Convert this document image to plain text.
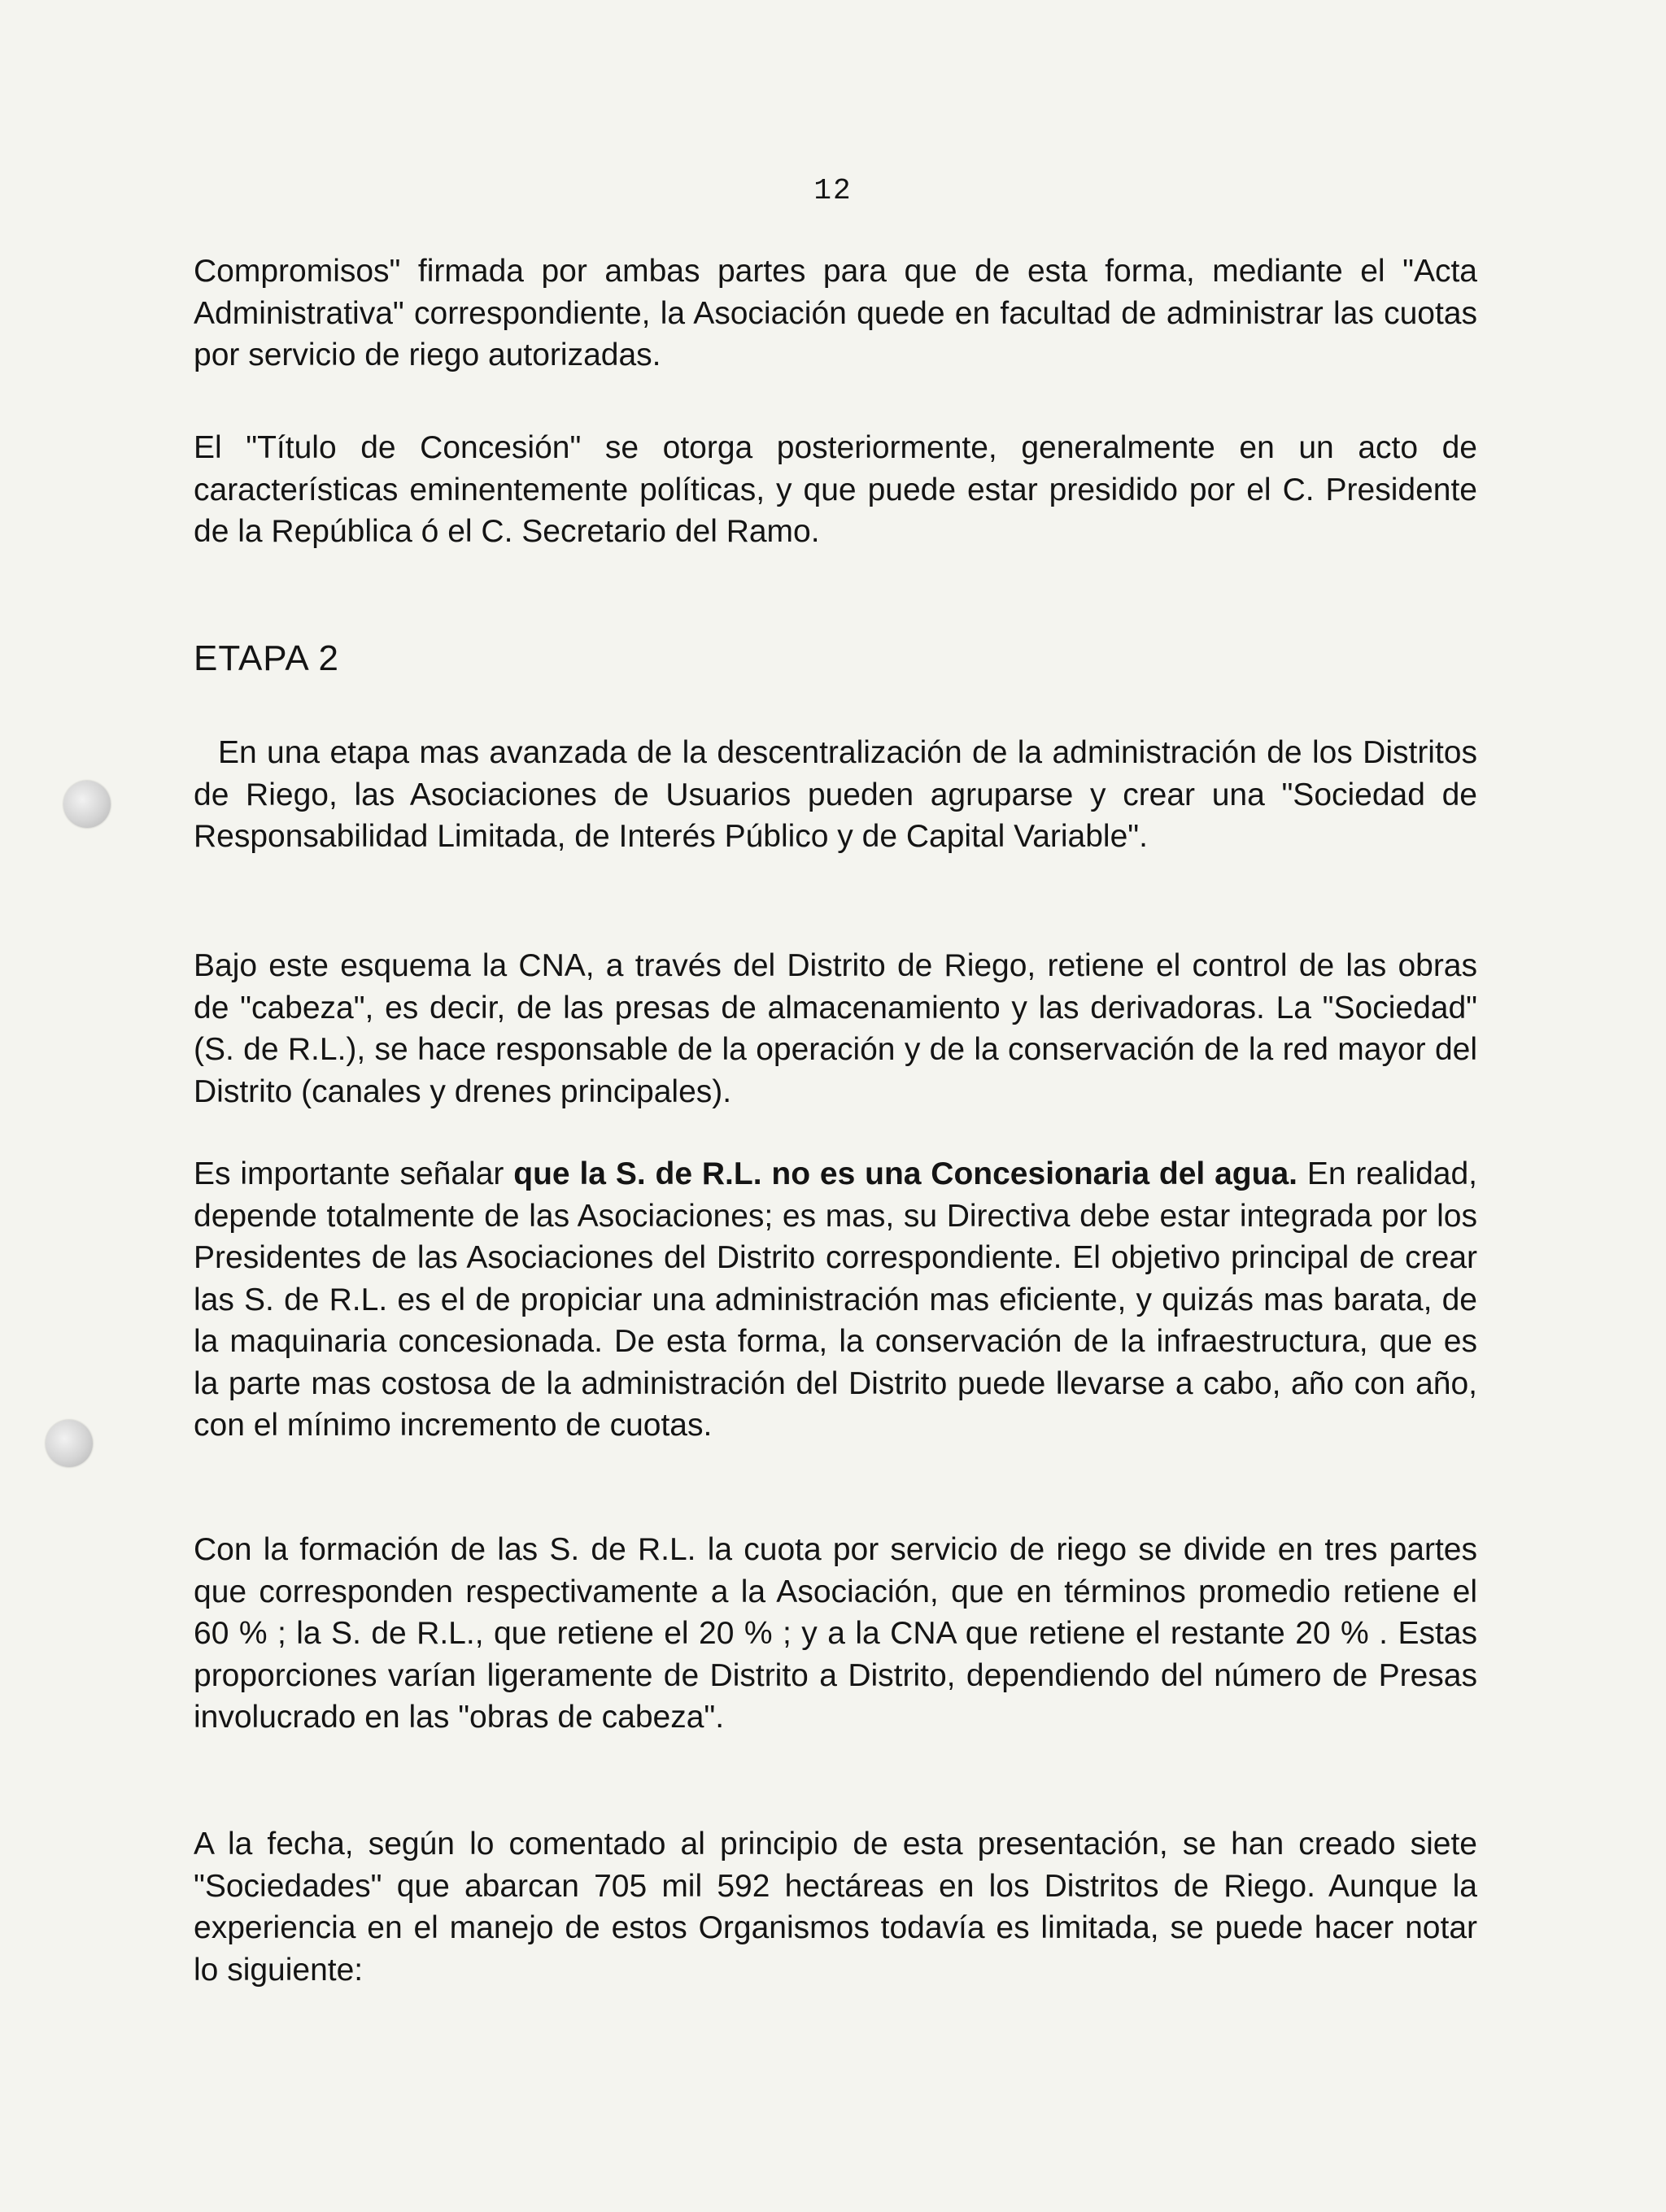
12

Compromisos" firmada por ambas partes para que de esta forma, mediante el "Acta Administrativa" correspondiente, la Asociación quede en facultad de administrar las cuotas por servicio de riego autorizadas.

El "Título de Concesión" se otorga posteriormente, generalmente en un acto de características eminentemente políticas, y que puede estar presidido por el C. Presidente de la República ó el C. Secretario del Ramo.

ETAPA 2

En una etapa mas avanzada de la descentralización de la administración de los Distritos de Riego, las Asociaciones de Usuarios pueden agruparse y crear una "Sociedad de Responsabilidad Limitada, de Interés Público y de Capital Variable".

Bajo este esquema la CNA, a través del Distrito de Riego, retiene el control de las obras de "cabeza", es decir, de las presas de almacenamiento y las derivadoras. La "Sociedad" (S. de R.L.), se hace responsable de la operación y de la conservación de la red mayor del Distrito (canales y drenes principales).

Es importante señalar que la S. de R.L. no es una Concesionaria del agua. En realidad, depende totalmente de las Asociaciones; es mas, su Directiva debe estar integrada por los Presidentes de las Asociaciones del Distrito correspondiente. El objetivo principal de crear las S. de R.L. es el de propiciar una administración mas eficiente, y quizás mas barata, de la maquinaria concesionada. De esta forma, la conservación de la infraestructura, que es la parte mas costosa de la administración del Distrito puede llevarse a cabo, año con año, con el mínimo incremento de cuotas.

Con la formación de las S. de R.L. la cuota por servicio de riego se divide en tres partes que corresponden respectivamente a la Asociación, que en términos promedio retiene el 60 % ; la S. de R.L., que retiene el 20 % ; y a la CNA que retiene el restante 20 % . Estas proporciones varían ligeramente de Distrito a Distrito, dependiendo del número de Presas involucrado en las "obras de cabeza".

A la fecha, según lo comentado al principio de esta presentación, se han creado siete "Sociedades" que abarcan 705 mil 592 hectáreas en los Distritos de Riego. Aunque la experiencia en el manejo de estos Organismos todavía es limitada, se puede hacer notar lo siguiente:
